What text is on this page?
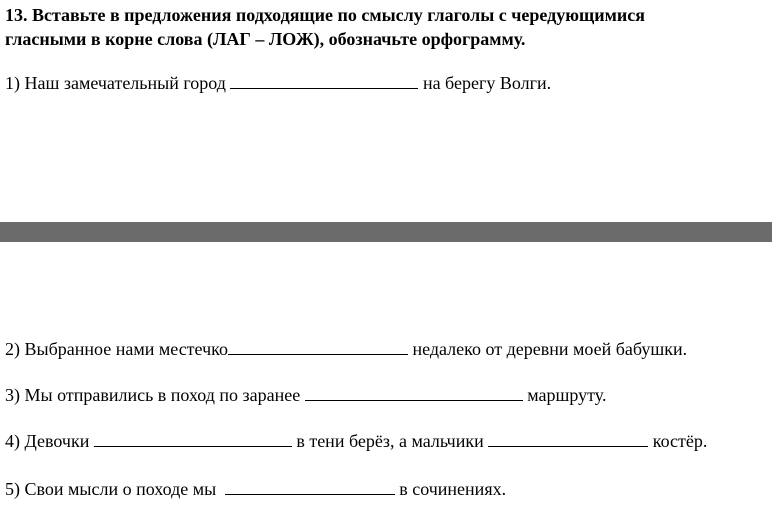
13. Вставьте в предложения подходящие по смыслу глаголы с чередующимися
гласными в корне слова (ЛАГ – ЛОЖ), обозначьте орфограмму.
1) Наш замечательный город	на берегу Волги.
2) Выбранное нами местечко	недалеко от деревни моей бабушки.
3) Мы отправились в поход по заранее	маршруту.
4) Девочки	в тени берёз, а мальчики	костёр.
5) Свои мысли о походе мы	в сочинениях.
